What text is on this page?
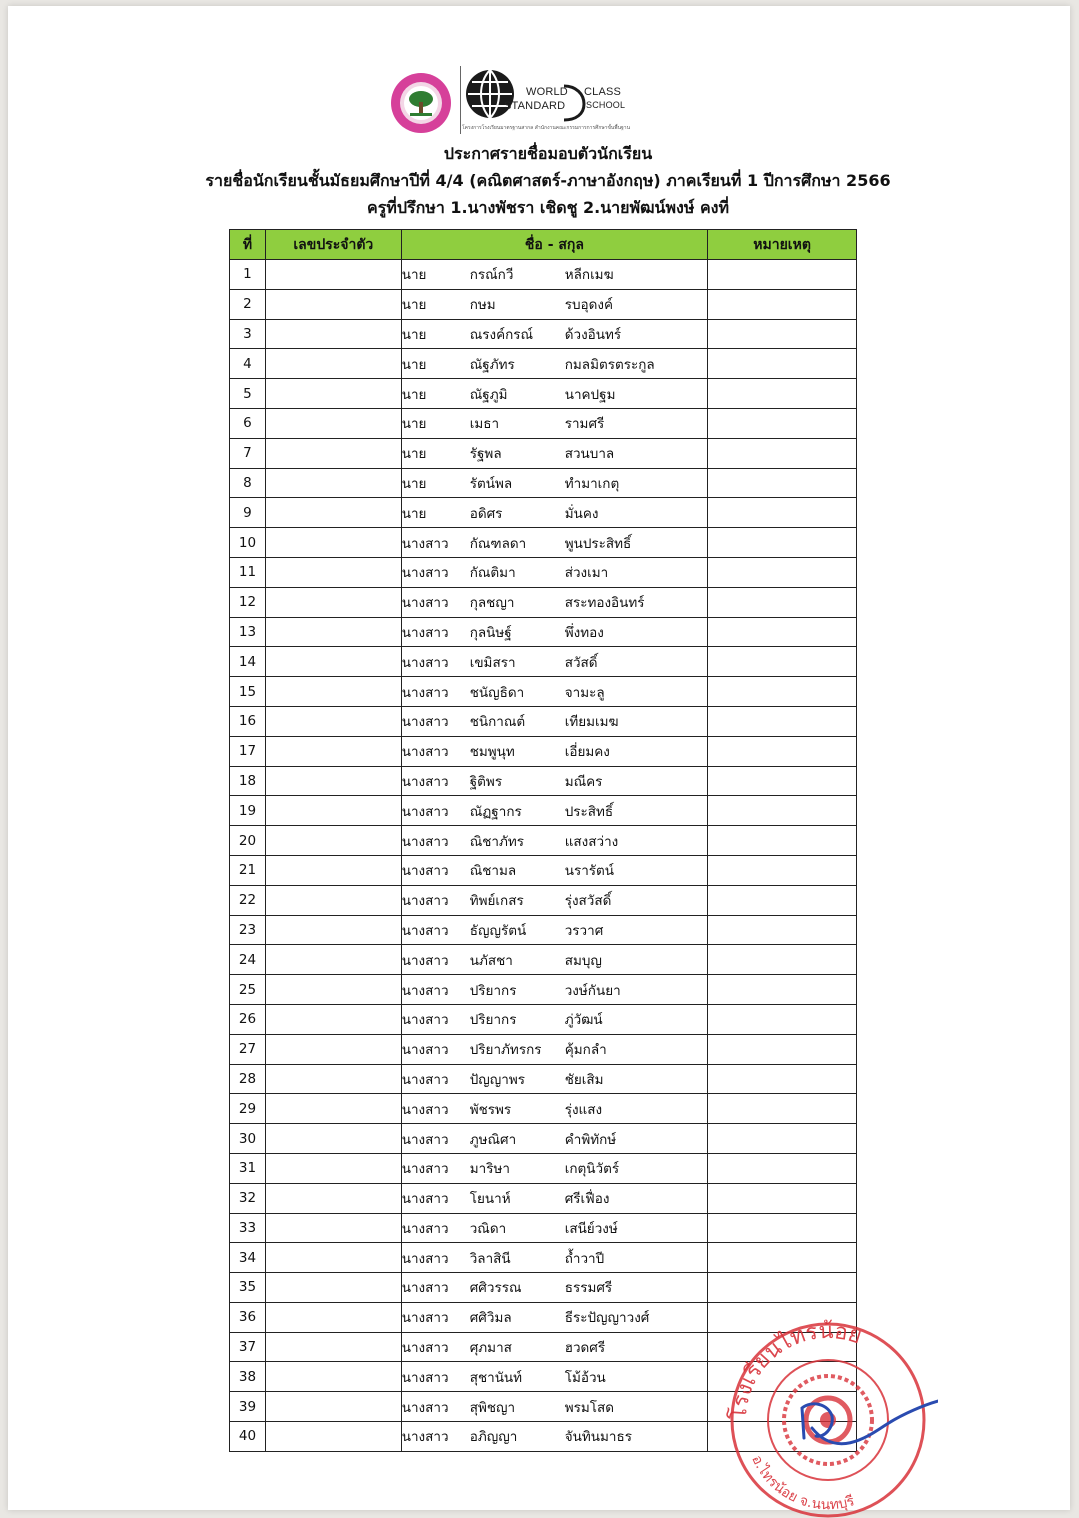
WORLD CLASS
STANDARD SCHOOL
โครงการโรงเรียนมาตรฐานสากล สำนักงานคณะกรรมการการศึกษาขั้นพื้นฐาน
ประกาศรายชื่อมอบตัวนักเรียน
รายชื่อนักเรียนชั้นมัธยมศึกษาปีที่ 4/4 (คณิตศาสตร์-ภาษาอังกฤษ) ภาคเรียนที่ 1 ปีการศึกษา 2566
ครูที่ปรึกษา 1.นางพัชรา เชิดชู 2.นายพัฒน์พงษ์ คงที่
ที่	เลขประจำตัว	ชื่อ - สกุล	หมายเหตุ
1		นาย กรณ์กวี หลีกเมฆ	
2		นาย กษม รบอุดงค์	
3		นาย ณรงค์กรณ์ ด้วงอินทร์	
4		นาย ณัฐภัทร กมลมิตรตระกูล	
5		นาย ณัฐภูมิ นาคปฐม	
6		นาย เมธา รามศรี	
7		นาย รัฐพล สวนบาล	
8		นาย รัตน์พล ทำมาเกตุ	
9		นาย อดิศร มั่นคง	
10		นางสาว กัณฑลดา พูนประสิทธิ์	
11		นางสาว กัณติมา ส่วงเมา	
12		นางสาว กุลชญา สระทองอินทร์	
13		นางสาว กุลนิษฐ์ พึ่งทอง	
14		นางสาว เขมิสรา สวัสดิ์	
15		นางสาว ชนัญธิดา จามะลู	
16		นางสาว ชนิกาณต์ เทียมเมฆ	
17		นางสาว ชมพูนุท เอี่ยมคง	
18		นางสาว ฐิติพร มณีคร	
19		นางสาว ณัฏฐากร ประสิทธิ์	
20		นางสาว ณิชาภัทร แสงสว่าง	
21		นางสาว ณิชามล นรารัตน์	
22		นางสาว ทิพย์เกสร รุ่งสวัสดิ์	
23		นางสาว ธัญญรัตน์ วรวาศ	
24		นางสาว นภัสชา สมบุญ	
25		นางสาว ปริยากร วงษ์กันยา	
26		นางสาว ปริยากร ภู่วัฒน์	
27		นางสาว ปริยาภัทรกร คุ้มกลำ	
28		นางสาว ปัญญาพร ชัยเสิม	
29		นางสาว พัชรพร รุ่งแสง	
30		นางสาว ภูษณิศา คำพิทักษ์	
31		นางสาว มาริษา เกตุนิวัตร์	
32		นางสาว โยนาห์ ศรีเฟื่อง	
33		นางสาว วณิดา เสนีย์วงษ์	
34		นางสาว วิลาสินี ถ้ำวาปี	
35		นางสาว ศศิวรรณ ธรรมศรี	
36		นางสาว ศศิวิมล ธีระปัญญาวงศ์	
37		นางสาว ศุภมาส ฮวดศรี	
38		นางสาว สุชานันท์ โม้อ้วน	
39		นางสาว สุพิชญา พรมโสด	
40		นางสาว อภิญญา จันทินมาธร	
โรงเรียนไทรน้อย
อ.ไทรน้อย จ.นนทบุรี
